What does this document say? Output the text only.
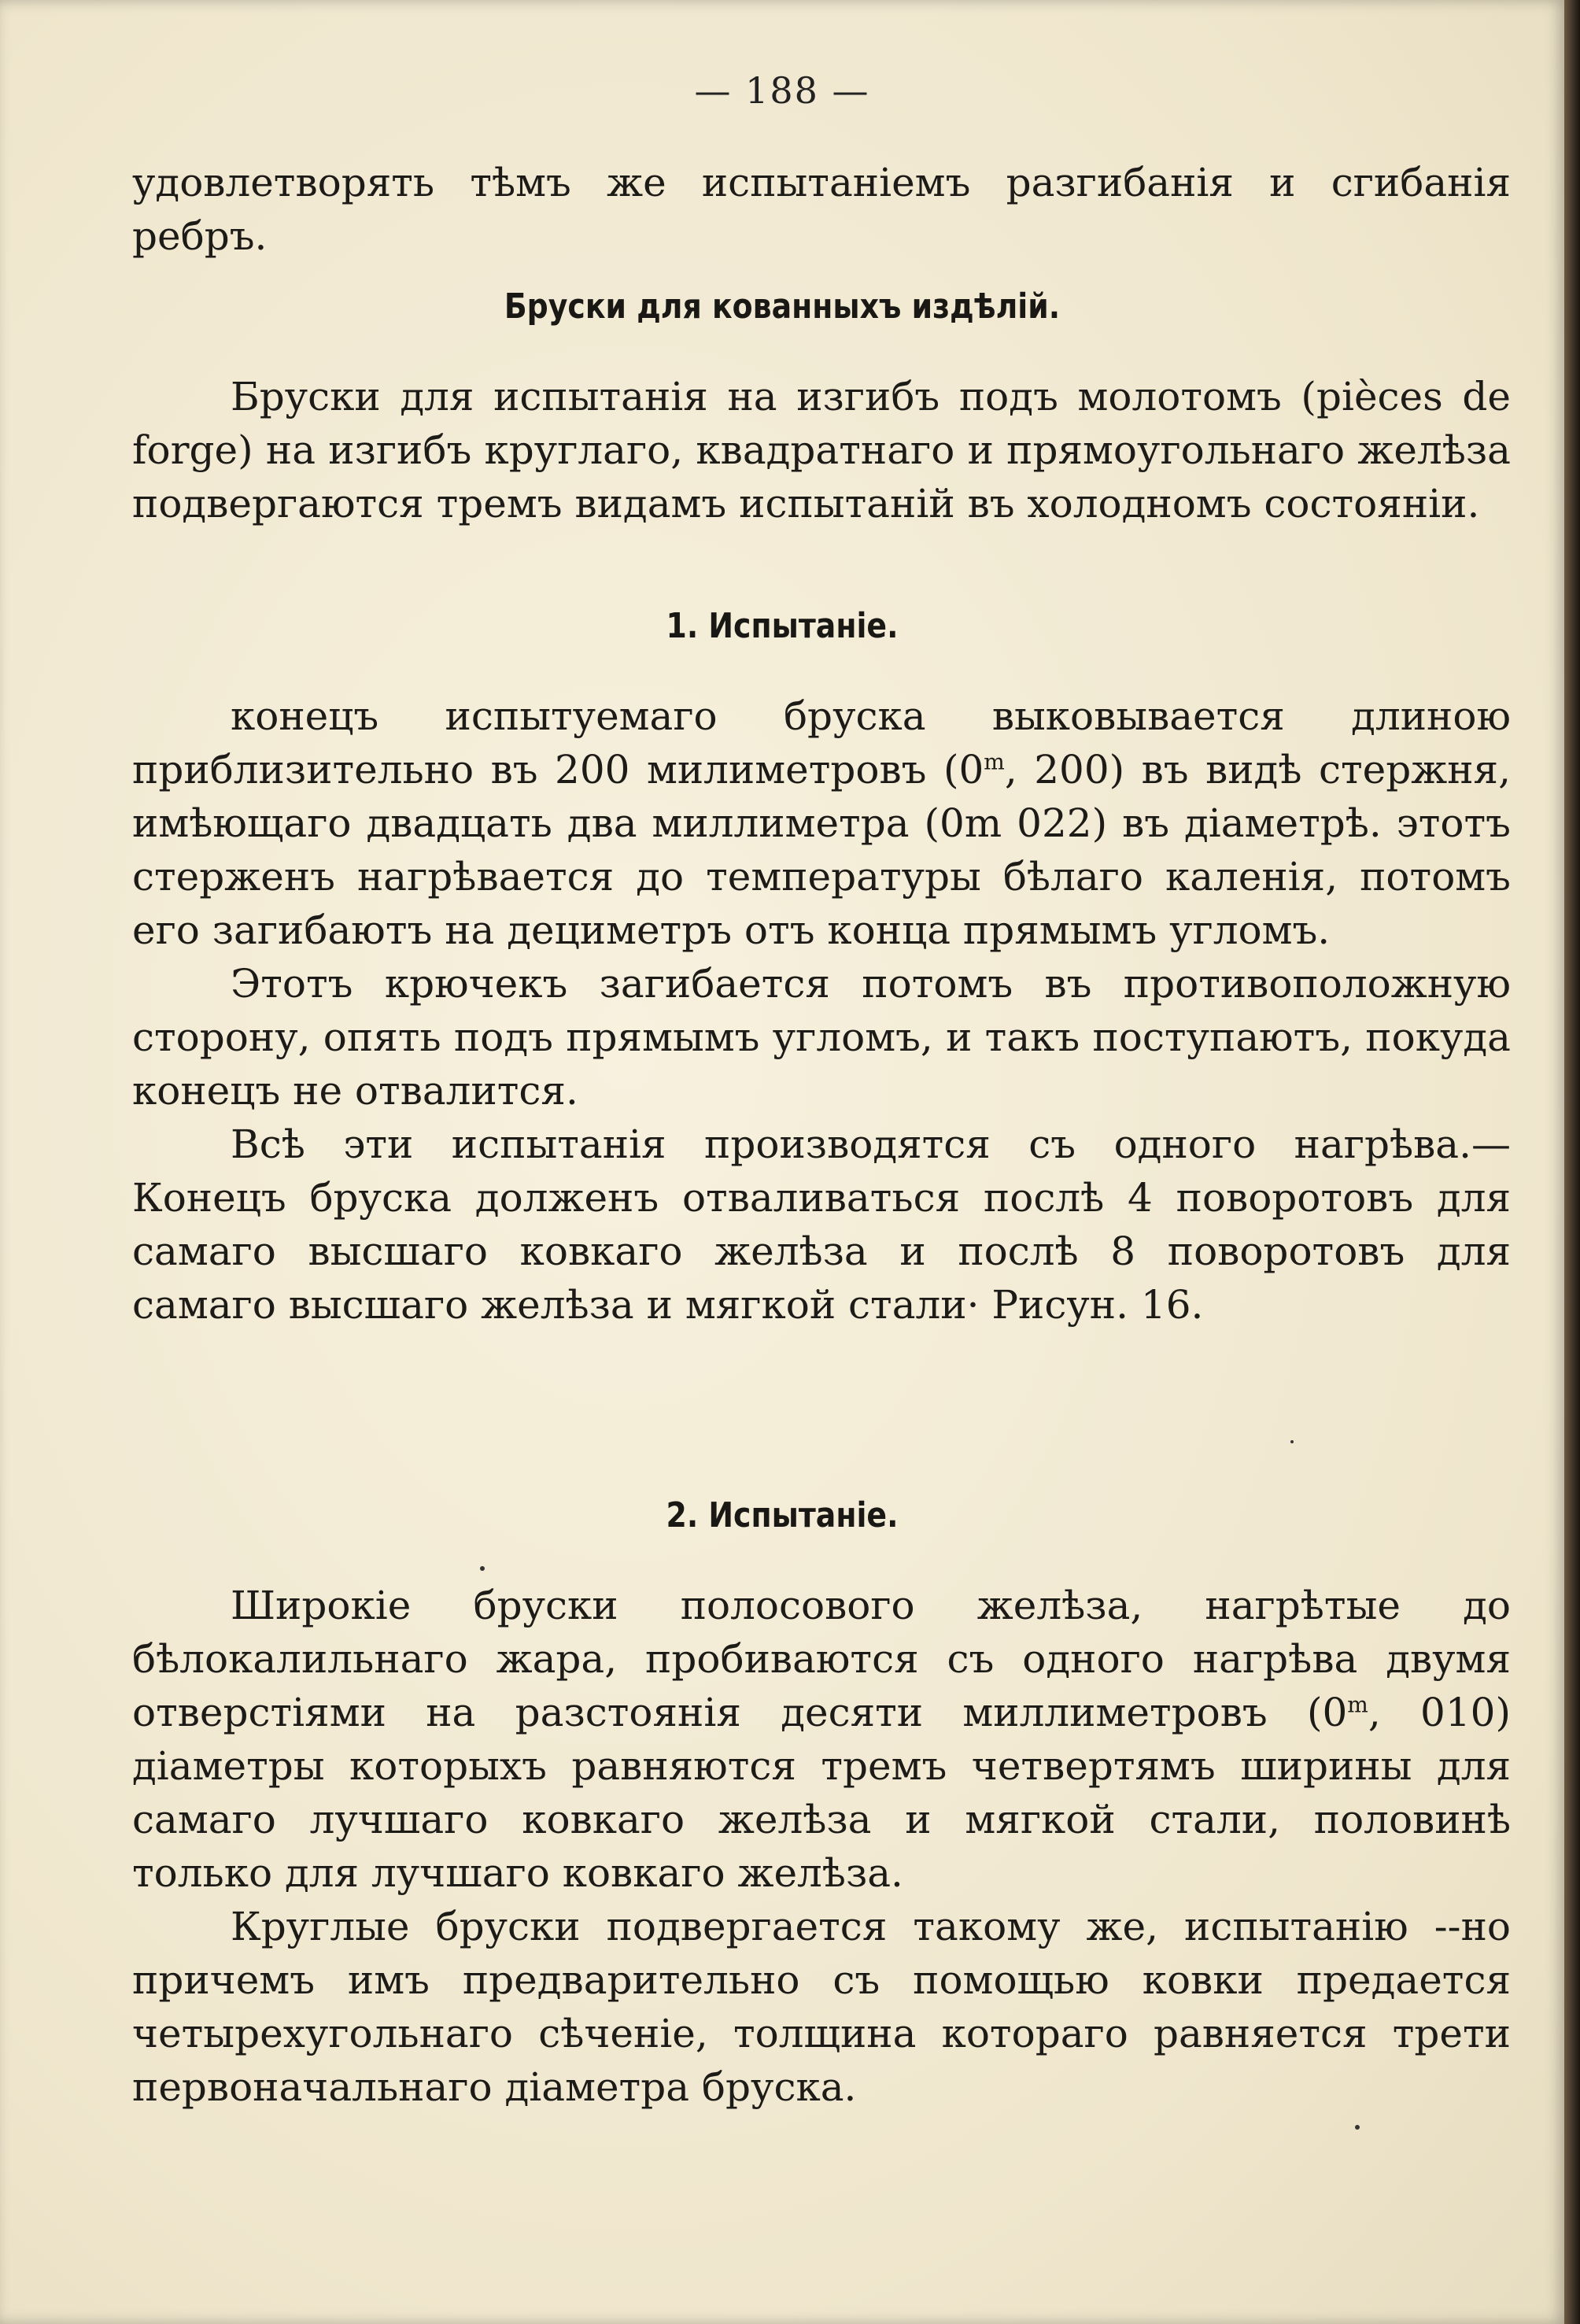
— 188 —

удовлетворять тѣмъ же испытаніемъ разгибанія и сгибанія ребръ.

Бруски для кованныхъ издѣлій.

Бруски для испытанія на изгибъ подъ молотомъ (pièces de forge) на изгибъ круглаго, квадратнаго и прямоугольнаго желѣза подвергаются тремъ видамъ испытаній въ холодномъ состояніи.

1. Испытаніе.

конецъ испытуемаго бруска выковывается длиною приблизительно въ 200 милиметровъ (0$^m$, 200) въ видѣ стержня, имѣющаго двадцать два миллиметра (0m 022) въ діаметрѣ. этотъ стерженъ нагрѣвается до температуры бѣлаго каленія, потомъ его загибаютъ на дециметръ отъ конца прямымъ угломъ.

Этотъ крючекъ загибается потомъ въ противоположную сторону, опять подъ прямымъ угломъ, и такъ поступаютъ, покуда конецъ не отвалится.

Всѣ эти испытанія производятся съ одного нагрѣва.— Конецъ бруска долженъ отваливаться послѣ 4 поворотовъ для самаго высшаго ковкаго желѣза и послѣ 8 поворотовъ для самаго высшаго желѣза и мягкой стали· Рисун. 16.

2. Испытаніе.

Широкіе бруски полосового желѣза, нагрѣтые до бѣлокалильнаго жара, пробиваются съ одного нагрѣва двумя отверстіями на разстоянія десяти миллиметровъ (0$^m$, 010) діаметры которыхъ равняются тремъ четвертямъ ширины для самаго лучшаго ковкаго желѣза и мягкой стали, половинѣ только для лучшаго ковкаго желѣза.

Круглые бруски подвергается такому же, испытанію --но причемъ имъ предварительно съ помощью ковки предается четырехугольнаго сѣченіе, толщина котораго равняется трети первоначальнаго діаметра бруска.
